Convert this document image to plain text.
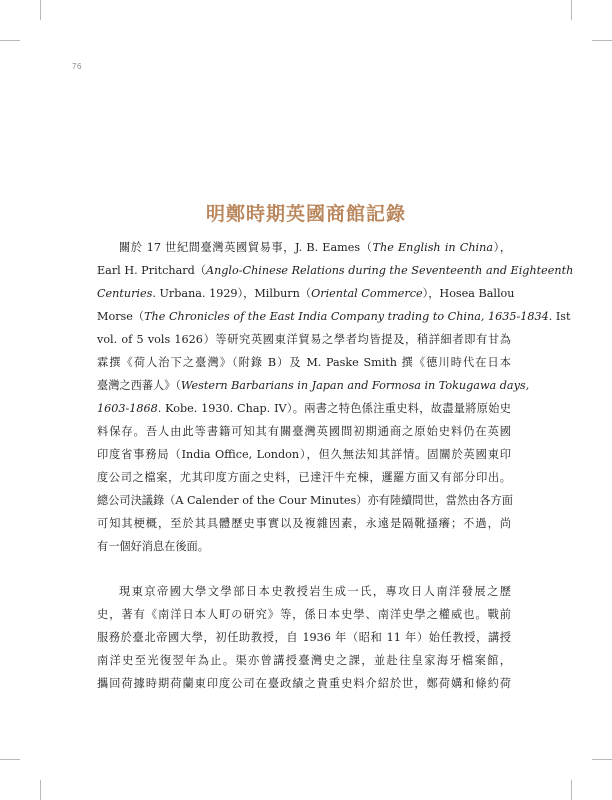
76
明鄭時期英國商館記錄
關於 17 世紀間臺灣英國貿易事，J. B. Eames（The English in China），
Earl H. Pritchard（Anglo-Chinese Relations during the Seventeenth and Eighteenth
Centuries. Urbana. 1929），Milburn（Oriental Commerce），Hosea Ballou
Morse（The Chronicles of the East India Company trading to China, 1635-1834. Ist
vol. of 5 vols 1626）等研究英國東洋貿易之學者均皆提及，稍詳細者即有甘為
霖撰《荷人治下之臺灣》（附錄 B）及 M. Paske Smith 撰《德川時代在日本
臺灣之西蕃人》（Western Barbarians in Japan and Formosa in Tokugawa days,
1603-1868. Kobe. 1930. Chap. IV）。兩書之特色係注重史料，故盡量將原始史
料保存。吾人由此等書籍可知其有關臺灣英國間初期通商之原始史料仍在英國
印度省事務局（India Office, London），但久無法知其詳情。固關於英國東印
度公司之檔案，尤其印度方面之史料，已達汗牛充棟，邏羅方面又有部分印出。
總公司決議錄（A Calender of the Cour Minutes）亦有陸續問世，當然由各方面
可知其梗概，至於其具體歷史事實以及複雜因素，永遠是隔靴搔癢；不過，尚
有一個好消息在後面。
現東京帝國大學文學部日本史教授岩生成一氏，專攻日人南洋發展之歷
史，著有《南洋日本人町の研究》等，係日本史學、南洋史學之權威也。戰前
服務於臺北帝國大學，初任助教授，自 1936 年（昭和 11 年）始任教授，講授
南洋史至光復翌年為止。渠亦曾講授臺灣史之課，並赴往皇家海牙檔案館，
攜回荷據時期荷蘭東印度公司在臺政績之貴重史料介紹於世，鄭荷媾和條約荷
